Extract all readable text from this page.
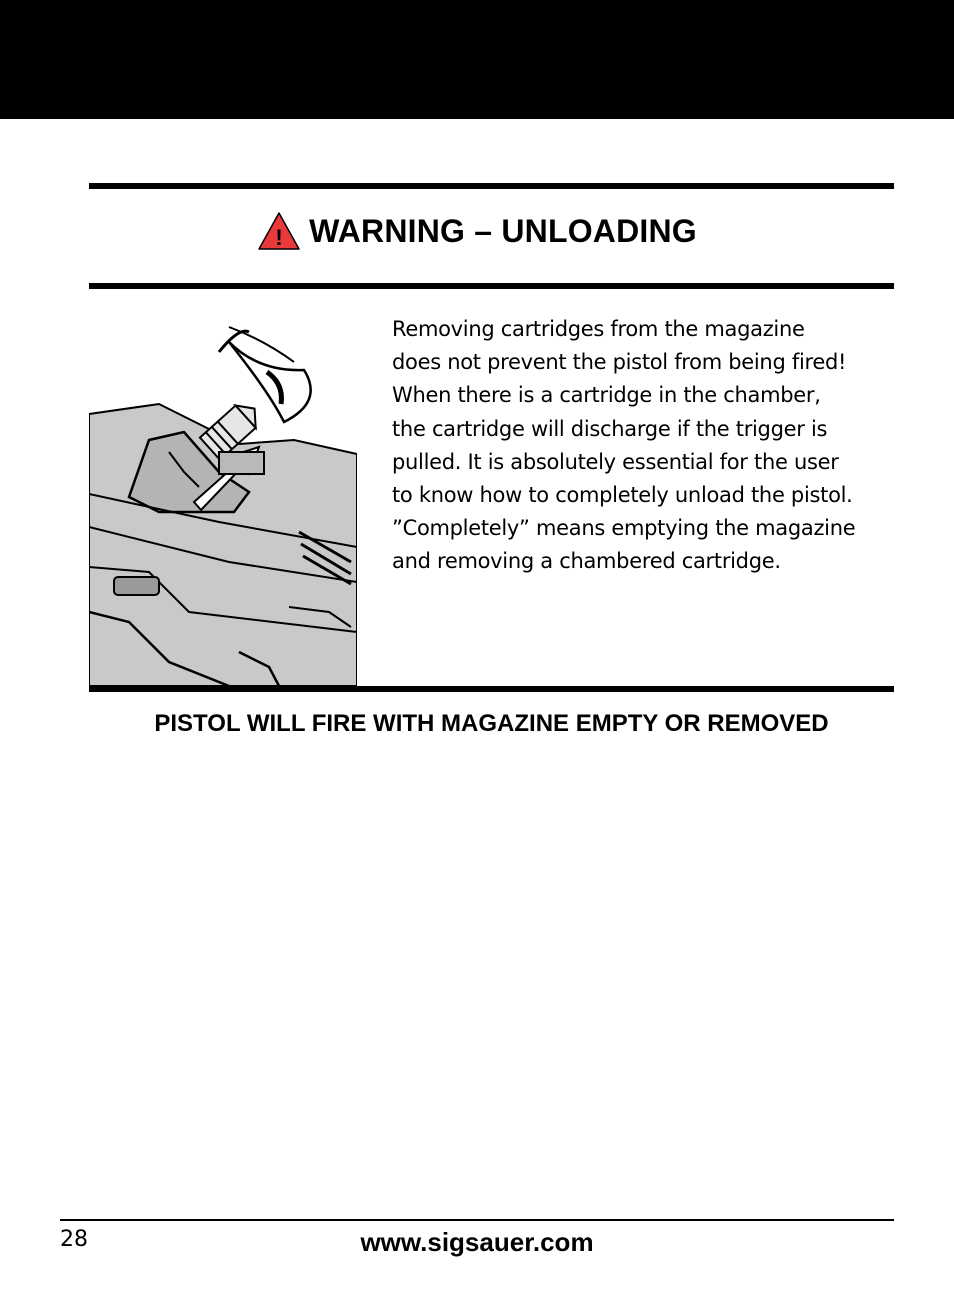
! WARNING – UNLOADING
Removing cartridges from the magazine
does not prevent the pistol from being fired!
When there is a cartridge in the chamber,
the cartridge will discharge if the trigger is
pulled. It is absolutely essential for the user
to know how to completely unload the pistol.
”Completely” means emptying the magazine
and removing a chambered cartridge.
PISTOL WILL FIRE WITH MAGAZINE EMPTY OR REMOVED
28	www.sigsauer.com
